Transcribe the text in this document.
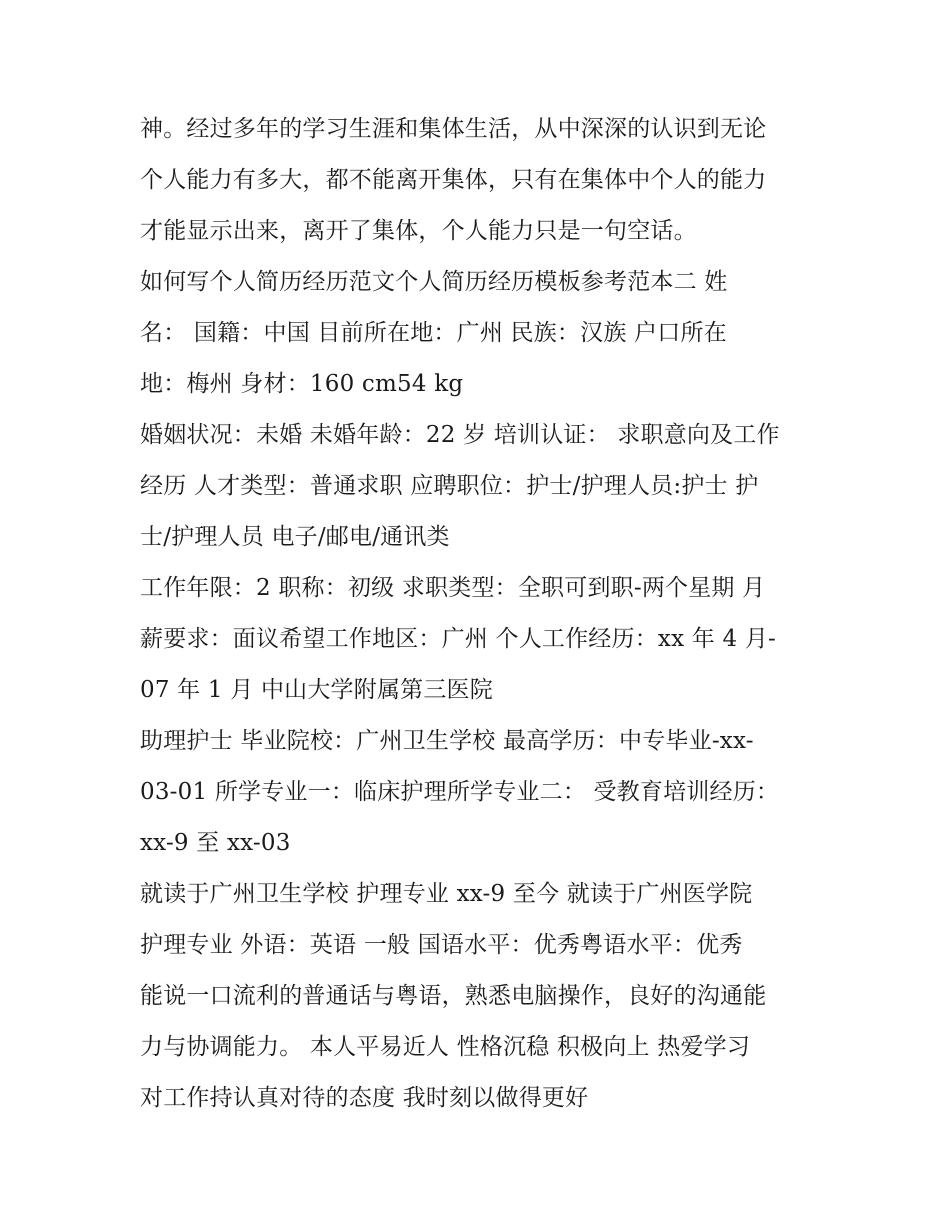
神。经过多年的学习生涯和集体生活，从中深深的认识到无论
个人能力有多大，都不能离开集体，只有在集体中个人的能力
才能显示出来，离开了集体，个人能力只是一句空话。
如何写个人简历经历范文个人简历经历模板参考范本二 姓
名： 国籍：中国 目前所在地：广州 民族：汉族 户口所在
地：梅州 身材：160 cm54 kg
婚姻状况：未婚 未婚年龄：22 岁 培训认证： 求职意向及工作
经历 人才类型：普通求职 应聘职位：护士/护理人员:护士 护
士/护理人员 电子/邮电/通讯类
工作年限：2 职称：初级 求职类型：全职可到职-两个星期 月
薪要求：面议希望工作地区：广州 个人工作经历：xx 年 4 月-
07 年 1 月 中山大学附属第三医院
助理护士 毕业院校：广州卫生学校 最高学历：中专毕业-xx-
03-01 所学专业一：临床护理所学专业二： 受教育培训经历：
xx-9 至 xx-03
就读于广州卫生学校 护理专业 xx-9 至今 就读于广州医学院
护理专业 外语：英语 一般 国语水平：优秀粤语水平：优秀
能说一口流利的普通话与粤语，熟悉电脑操作，良好的沟通能
力与协调能力。 本人平易近人 性格沉稳 积极向上 热爱学习
对工作持认真对待的态度 我时刻以做得更好
